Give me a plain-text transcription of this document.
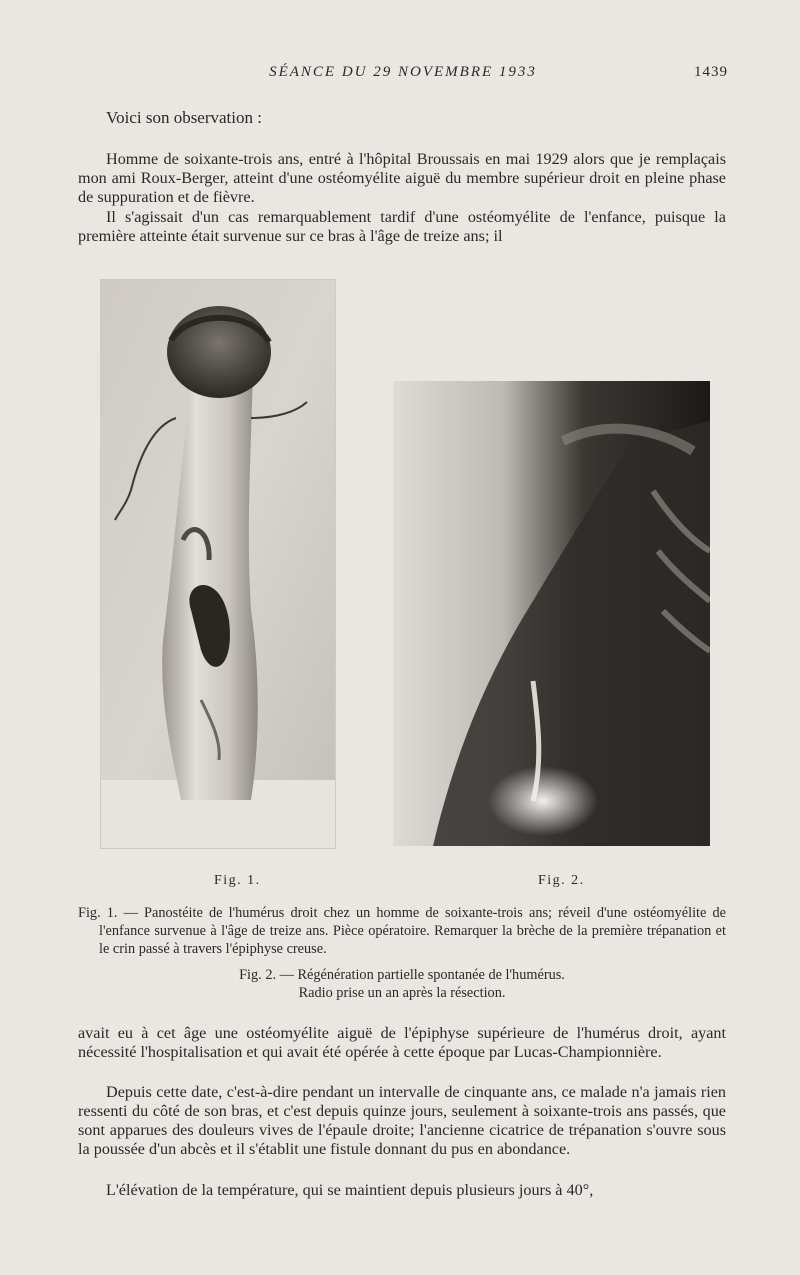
SÉANCE DU 29 NOVEMBRE 1933	1439
Voici son observation :
Homme de soixante-trois ans, entré à l'hôpital Broussais en mai 1929 alors que je remplaçais mon ami Roux-Berger, atteint d'une ostéomyélite aiguë du membre supérieur droit en pleine phase de suppuration et de fièvre.
Il s'agissait d'un cas remarquablement tardif d'une ostéomyélite de l'enfance, puisque la première atteinte était survenue sur ce bras à l'âge de treize ans; il
Fig. 1.	Fig. 2.
Fig. 1. — Panostéite de l'humérus droit chez un homme de soixante-trois ans; réveil d'une ostéomyélite de l'enfance survenue à l'âge de treize ans. Pièce opératoire. Remarquer la brèche de la première trépanation et le crin passé à travers l'épiphyse creuse.
Fig. 2. — Régénération partielle spontanée de l'humérus.
Radio prise un an après la résection.
avait eu à cet âge une ostéomyélite aiguë de l'épiphyse supérieure de l'humérus droit, ayant nécessité l'hospitalisation et qui avait été opérée à cette époque par Lucas-Championnière.
Depuis cette date, c'est-à-dire pendant un intervalle de cinquante ans, ce malade n'a jamais rien ressenti du côté de son bras, et c'est depuis quinze jours, seulement à soixante-trois ans passés, que sont apparues des douleurs vives de l'épaule droite; l'ancienne cicatrice de trépanation s'ouvre sous la poussée d'un abcès et il s'établit une fistule donnant du pus en abondance.
L'élévation de la température, qui se maintient depuis plusieurs jours à 40°,
